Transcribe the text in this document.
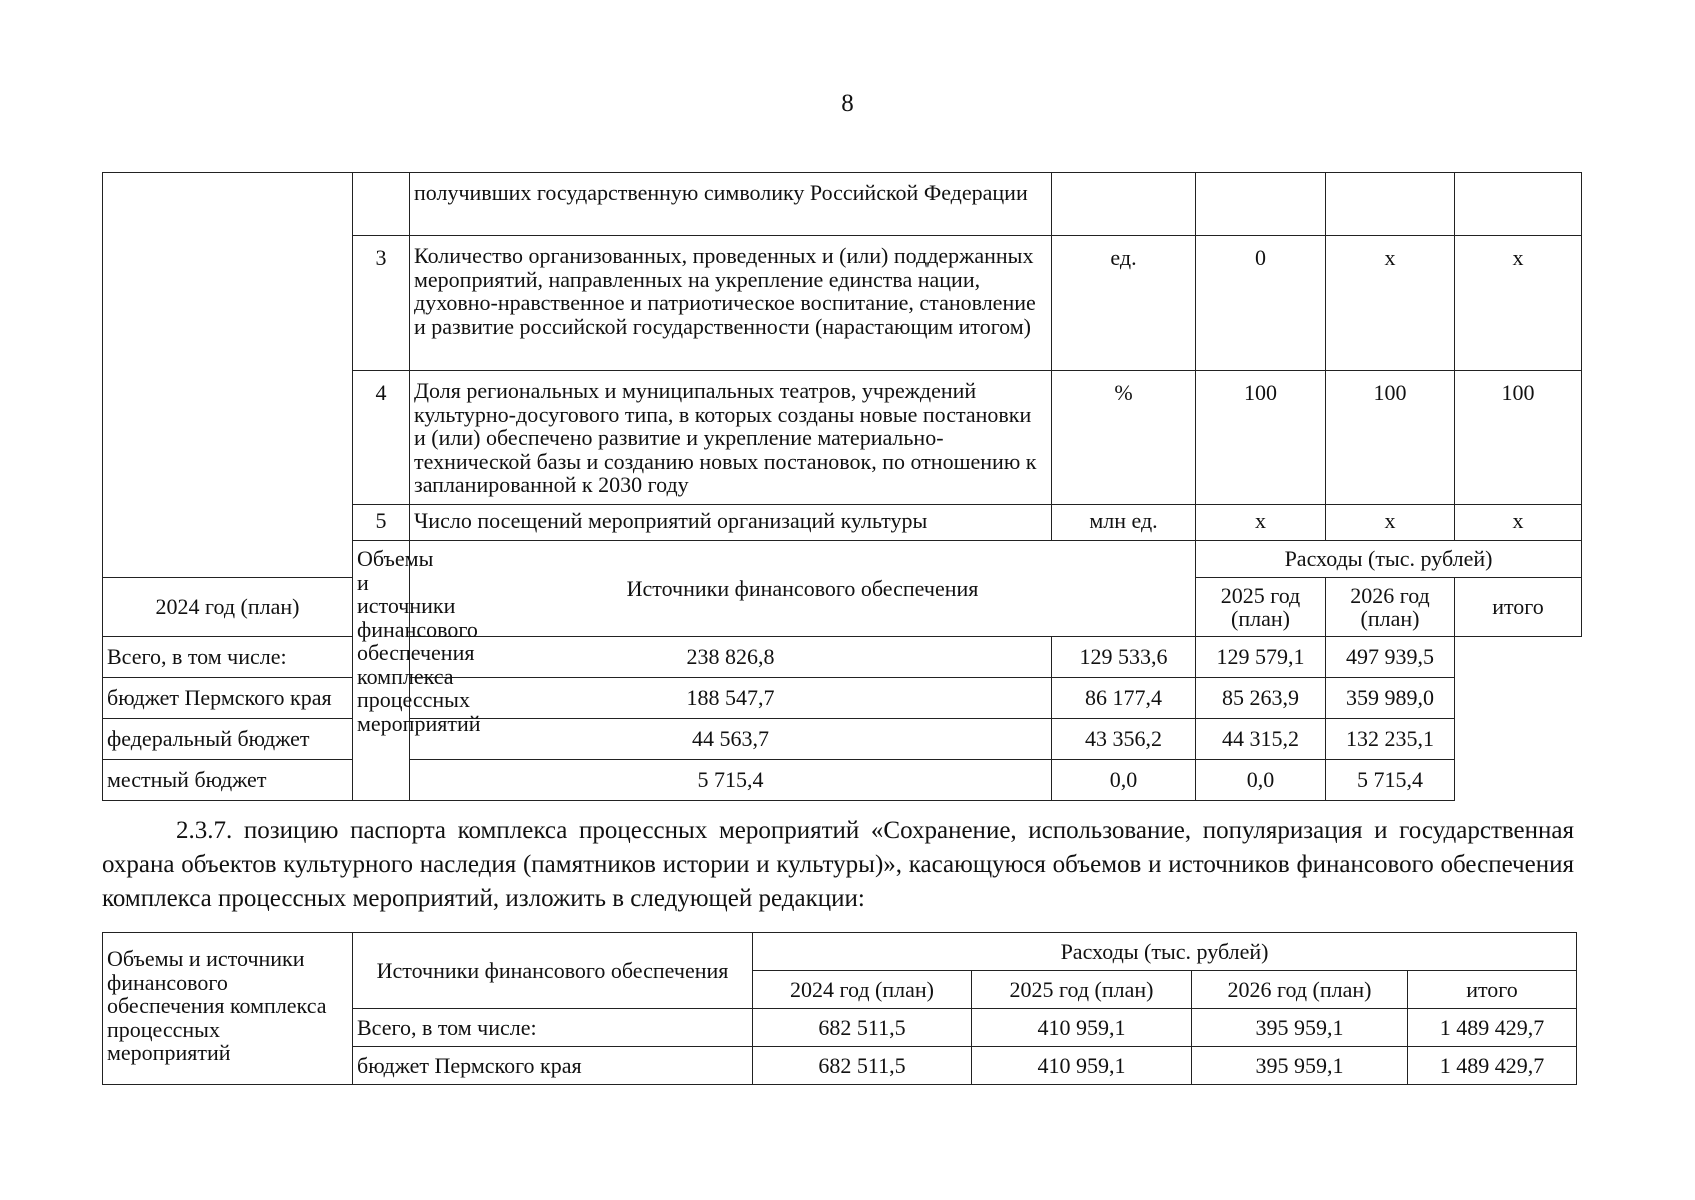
8
		получивших государственную символику Российской Федерации				
	3	Количество организованных, проведенных и (или) поддержанных мероприятий, направленных на укрепление единства нации, духовно-нравственное и патриотическое воспитание, становление и развитие российской государственности (нарастающим итогом)	ед.	0	х	х
	4	Доля региональных и муниципальных театров, учреждений культурно-досугового типа, в которых созданы новые постановки и (или) обеспечено развитие и укрепление материально-технической базы и созданию новых постановок, по отношению к запланированной к 2030 году	%	100	100	100
	5	Число посещений мероприятий организаций культуры	млн ед.	х	х	х
	Объемы и источники финансового обеспечения комплекса процессных мероприятий	Источники финансового обеспечения		Расходы (тыс. рублей)		
2024 год (план)				2025 год (план)	2026 год (план)	итого
Всего, в том числе:		238 826,8	129 533,6	129 579,1	497 939,5	
бюджет Пермского края		188 547,7	86 177,4	85 263,9	359 989,0	
федеральный бюджет		44 563,7	43 356,2	44 315,2	132 235,1	
местный бюджет		5 715,4	0,0	0,0	5 715,4	
2.3.7. позицию паспорта комплекса процессных мероприятий «Сохранение, использование, популяризация и государственная охрана объектов культурного наследия (памятников истории и культуры)», касающуюся объемов и источников финансового обеспечения комплекса процессных мероприятий, изложить в следующей редакции:
Объемы и источники финансового обеспечения комплекса процессных мероприятий	Источники финансового обеспечения	Расходы (тыс. рублей)			
		2024 год (план)	2025 год (план)	2026 год (план)	итого
	Всего, в том числе:	682 511,5	410 959,1	395 959,1	1 489 429,7
	бюджет Пермского края	682 511,5	410 959,1	395 959,1	1 489 429,7
